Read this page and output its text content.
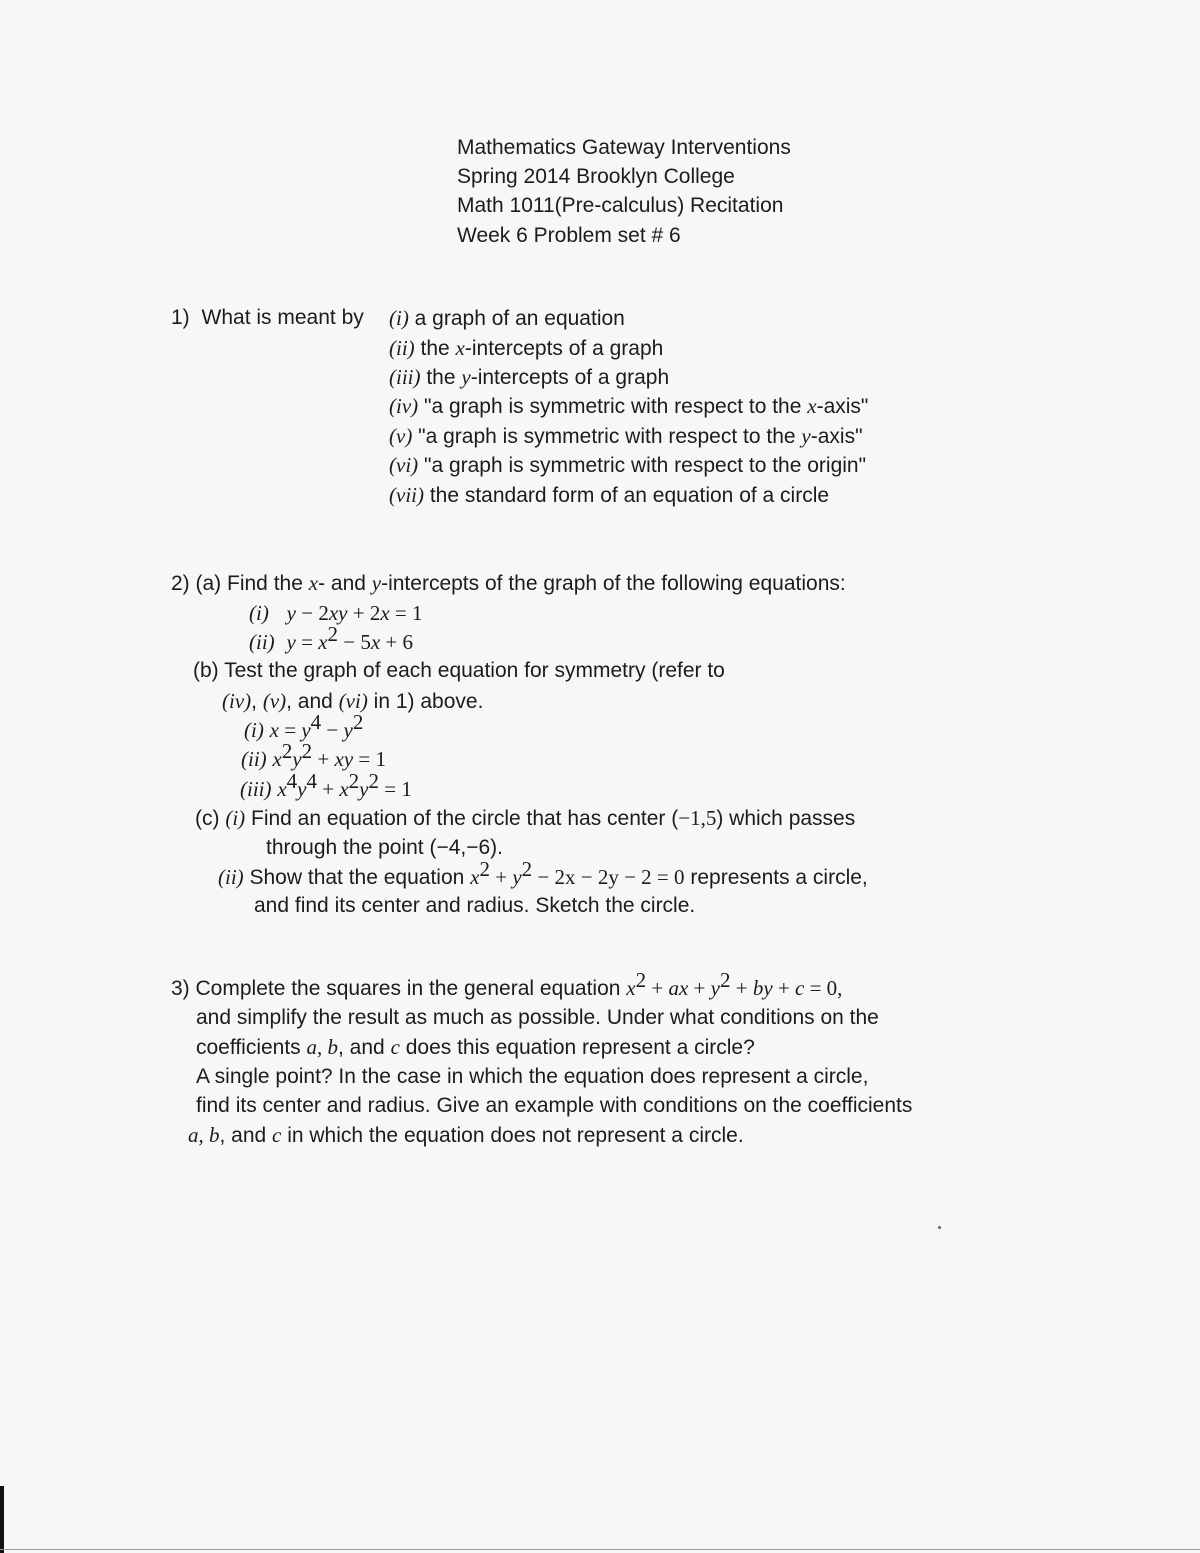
Mathematics Gateway Interventions
Spring 2014 Brooklyn College
Math 1011(Pre-calculus) Recitation
Week 6 Problem set # 6
1) What is meant by (i) a graph of an equation
(ii) the x-intercepts of a graph
(iii) the y-intercepts of a graph
(iv) "a graph is symmetric with respect to the x-axis"
(v) "a graph is symmetric with respect to the y-axis"
(vi) "a graph is symmetric with respect to the origin"
(vii) the standard form of an equation of a circle
2) (a) Find the x- and y-intercepts of the graph of the following equations:
(i) y − 2xy + 2x = 1
(ii) $y = x^2 - 5x + 6$
(b) Test the graph of each equation for symmetry (refer to
(iv), (v), and (vi) in 1) above.
(i) $x = y^4 - y^2$
(ii) $x^2y^2$ + xy = 1
(iii) $x^4y^4 + x^2y^2 = 1$
(c) (i) Find an equation of the circle that has center (−1,5) which passes
through the point (−4,−6).
(ii) Show that the equation $x^2 + y^2 - 2x - 2y - 2 = 0$ represents a circle,
and find its center and radius. Sketch the circle.
3) Complete the squares in the general equation $x^2$ + ax + $y^2$ + by + c = 0,
and simplify the result as much as possible. Under what conditions on the
coefficients a, b, and c does this equation represent a circle?
A single point? In the case in which the equation does represent a circle,
find its center and radius. Give an example with conditions on the coefficients
a, b, and c in which the equation does not represent a circle.
